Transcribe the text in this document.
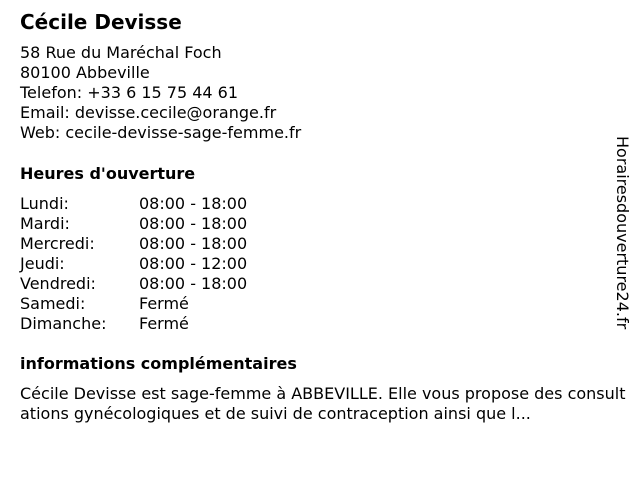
Cécile Devisse
58 Rue du Maréchal Foch
80100 Abbeville
Telefon: +33 6 15 75 44 61
Email: devisse.cecile@orange.fr
Web: cecile-devisse-sage-femme.fr
Heures d'ouverture
Lundi:	08:00 - 18:00
Mardi:	08:00 - 18:00
Mercredi:	08:00 - 18:00
Jeudi:	08:00 - 12:00
Vendredi:	08:00 - 18:00
Samedi:	Fermé
Dimanche: Fermé
informations complémentaires
Cécile Devisse est sage-femme à ABBEVILLE. Elle vous propose des consultations gynécologiques et de suivi de contraception ainsi que l...
Horairesdouverture24.fr
